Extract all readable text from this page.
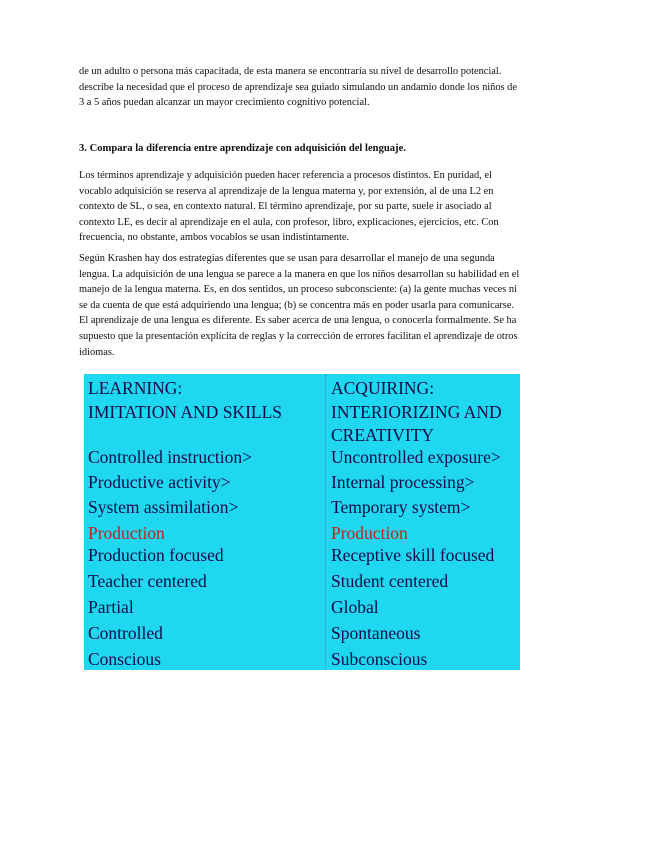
de un adulto o persona más capacitada, de esta manera se encontraría su nivel de desarrollo potencial.
describe la necesidad que el proceso de aprendizaje sea guiado simulando un andamio donde los niños de
3 a 5 años puedan alcanzar un mayor crecimiento cognitivo potencial.

3. Compara la diferencia entre aprendizaje con adquisición del lenguaje.

Los términos aprendizaje y adquisición pueden hacer referencia a procesos distintos. En puridad, el
vocablo adquisición se reserva al aprendizaje de la lengua materna y, por extensión, al de una L2 en
contexto de SL, o sea, en contexto natural. El término aprendizaje, por su parte, suele ir asociado al
contexto LE, es decir al aprendizaje en el aula, con profesor, libro, explicaciones, ejercicios, etc. Con
frecuencia, no obstante, ambos vocablos se usan indistintamente.
Según Krashen hay dos estrategias diferentes que se usan para desarrollar el manejo de una segunda
lengua. La adquisición de una lengua se parece a la manera en que los niños desarrollan su habilidad en el
manejo de la lengua materna. Es, en dos sentidos, un proceso subconsciente: (a) la gente muchas veces ni
se da cuenta de que está adquiriendo una lengua; (b) se concentra más en poder usarla para comunicarse.
El aprendizaje de una lengua es diferente. Es saber acerca de una lengua, o conocerla formalmente. Se ha
supuesto que la presentación explícita de reglas y la corrección de errores facilitan el aprendizaje de otros
idiomas.
LEARNING:
IMITATION AND SKILLS
Controlled instruction>
Productive activity>
System assimilation>
Production
Production focused
Teacher centered
Partial
Controlled
Conscious
ACQUIRING:
INTERIORIZING AND
CREATIVITY
Uncontrolled exposure>
Internal processing>
Temporary system>
Production
Receptive skill focused
Student centered
Global
Spontaneous
Subconscious
